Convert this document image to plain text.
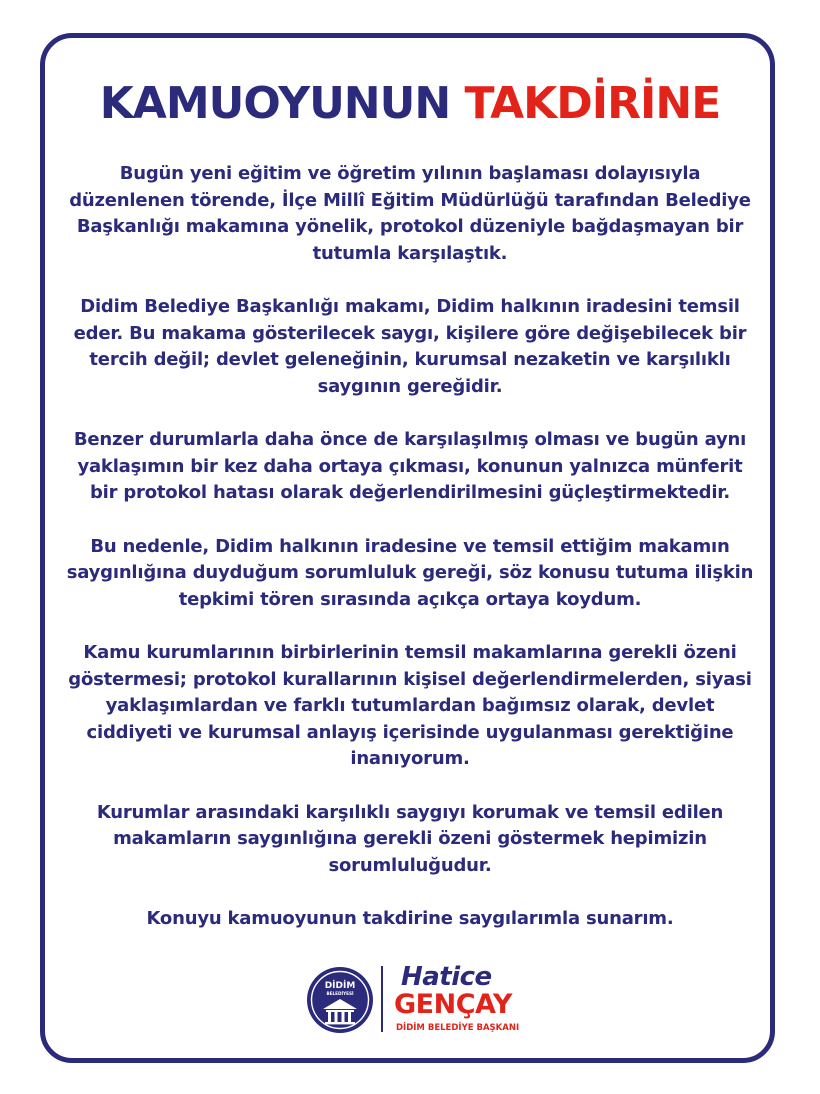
KAMUOYUNUN TAKDİRİNE

Bugün yeni eğitim ve öğretim yılının başlaması dolayısıyla düzenlenen törende, İlçe Millî Eğitim Müdürlüğü tarafından Belediye Başkanlığı makamına yönelik, protokol düzeniyle bağdaşmayan bir tutumla karşılaştık.

Didim Belediye Başkanlığı makamı, Didim halkının iradesini temsil eder. Bu makama gösterilecek saygı, kişilere göre değişebilecek bir tercih değil; devlet geleneğinin, kurumsal nezaketin ve karşılıklı saygının gereğidir.

Benzer durumlarla daha önce de karşılaşılmış olması ve bugün aynı yaklaşımın bir kez daha ortaya çıkması, konunun yalnızca münferit bir protokol hatası olarak değerlendirilmesini güçleştirmektedir.

Bu nedenle, Didim halkının iradesine ve temsil ettiğim makamın saygınlığına duyduğum sorumluluk gereği, söz konusu tutuma ilişkin tepkimi tören sırasında açıkça ortaya koydum.

Kamu kurumlarının birbirlerinin temsil makamlarına gerekli özeni göstermesi; protokol kurallarının kişisel değerlendirmelerden, siyasi yaklaşımlardan ve farklı tutumlardan bağımsız olarak, devlet ciddiyeti ve kurumsal anlayış içerisinde uygulanması gerektiğine inanıyorum.

Kurumlar arasındaki karşılıklı saygıyı korumak ve temsil edilen makamların saygınlığına gerekli özeni göstermek hepimizin sorumluluğudur.

Konuyu kamuoyunun takdirine saygılarımla sunarım.

DİDİM
BELEDİYESİ
Hatice
GENÇAY
DİDİM BELEDİYE BAŞKANI
